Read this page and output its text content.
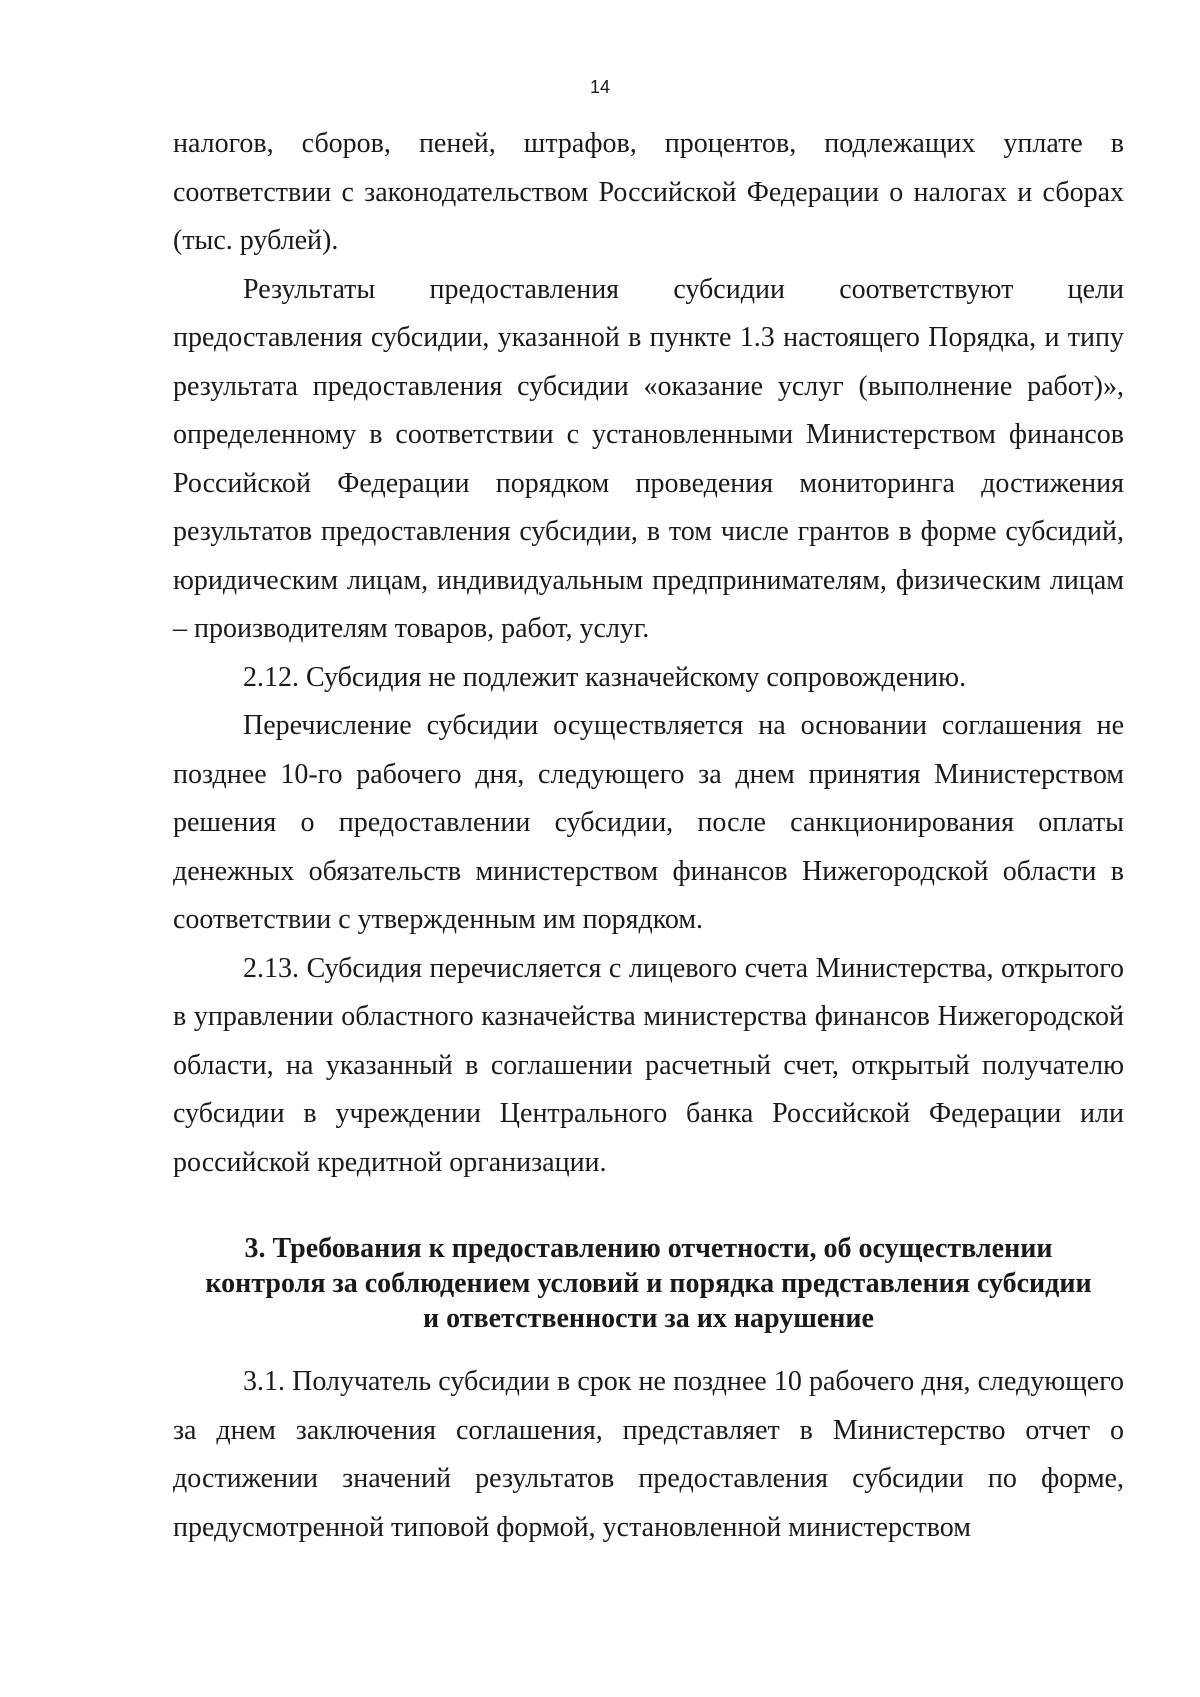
14

налогов, сборов, пеней, штрафов, процентов, подлежащих уплате в соответствии с законодательством Российской Федерации о налогах и сборах (тыс. рублей).

Результаты предоставления субсидии соответствуют цели предоставления субсидии, указанной в пункте 1.3 настоящего Порядка, и типу результата предоставления субсидии «оказание услуг (выполнение работ)», определенному в соответствии с установленными Министерством финансов Российской Федерации порядком проведения мониторинга достижения результатов предоставления субсидии, в том числе грантов в форме субсидий, юридическим лицам, индивидуальным предпринимателям, физическим лицам – производителям товаров, работ, услуг.

2.12. Субсидия не подлежит казначейскому сопровождению.

Перечисление субсидии осуществляется на основании соглашения не позднее 10-го рабочего дня, следующего за днем принятия Министерством решения о предоставлении субсидии, после санкционирования оплаты денежных обязательств министерством финансов Нижегородской области в соответствии с утвержденным им порядком.

2.13. Субсидия перечисляется с лицевого счета Министерства, открытого в управлении областного казначейства министерства финансов Нижегородской области, на указанный в соглашении расчетный счет, открытый получателю субсидии в учреждении Центрального банка Российской Федерации или российской кредитной организации.

3. Требования к предоставлению отчетности, об осуществлении
контроля за соблюдением условий и порядка представления субсидии
и ответственности за их нарушение

3.1. Получатель субсидии в срок не позднее 10 рабочего дня, следующего за днем заключения соглашения, представляет в Министерство отчет о достижении значений результатов предоставления субсидии по форме, предусмотренной типовой формой, установленной министерством
